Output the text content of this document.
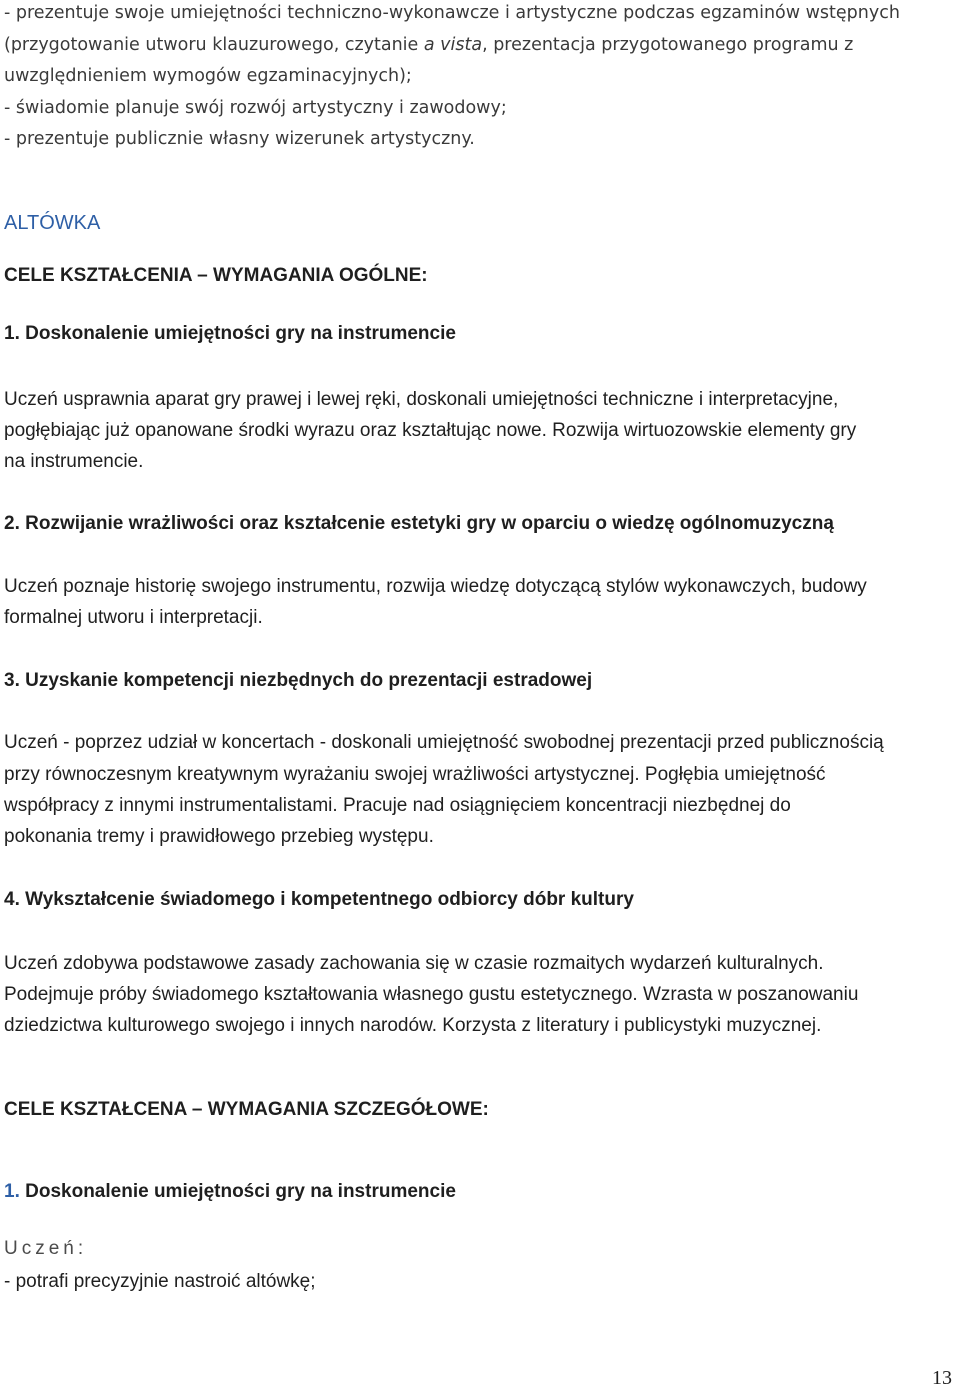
- prezentuje swoje umiejętności techniczno-wykonawcze i artystyczne podczas egzaminów wstępnych
(przygotowanie utworu klauzurowego, czytanie a vista, prezentacja przygotowanego programu z
uwzględnieniem wymogów egzaminacyjnych);
- świadomie planuje swój rozwój artystyczny i zawodowy;
- prezentuje publicznie własny wizerunek artystyczny.
ALTÓWKA
CELE KSZTAŁCENIA – WYMAGANIA OGÓLNE:
1. Doskonalenie umiejętności gry na instrumencie
Uczeń usprawnia aparat gry prawej i lewej ręki, doskonali umiejętności techniczne i interpretacyjne,
pogłębiając już opanowane środki wyrazu oraz kształtując nowe. Rozwija wirtuozowskie elementy gry
na instrumencie.
2. Rozwijanie wrażliwości oraz kształcenie estetyki gry w oparciu o wiedzę ogólnomuzyczną
Uczeń poznaje historię swojego instrumentu, rozwija wiedzę dotyczącą stylów wykonawczych, budowy
formalnej utworu i interpretacji.
3. Uzyskanie kompetencji niezbędnych do prezentacji estradowej
Uczeń - poprzez udział w koncertach - doskonali umiejętność swobodnej prezentacji przed publicznością
przy równoczesnym kreatywnym wyrażaniu swojej wrażliwości artystycznej. Pogłębia umiejętność
współpracy z innymi instrumentalistami. Pracuje nad osiągnięciem koncentracji niezbędnej do
pokonania tremy i prawidłowego przebieg występu.
4. Wykształcenie świadomego i kompetentnego odbiorcy dóbr kultury
Uczeń zdobywa podstawowe zasady zachowania się w czasie rozmaitych wydarzeń kulturalnych.
Podejmuje próby świadomego kształtowania własnego gustu estetycznego. Wzrasta w poszanowaniu
dziedzictwa kulturowego swojego i innych narodów. Korzysta z literatury i publicystyki muzycznej.
CELE KSZTAŁCENA – WYMAGANIA SZCZEGÓŁOWE:
1. Doskonalenie umiejętności gry na instrumencie
Uczeń:
- potrafi precyzyjnie nastroić altówkę;
13
